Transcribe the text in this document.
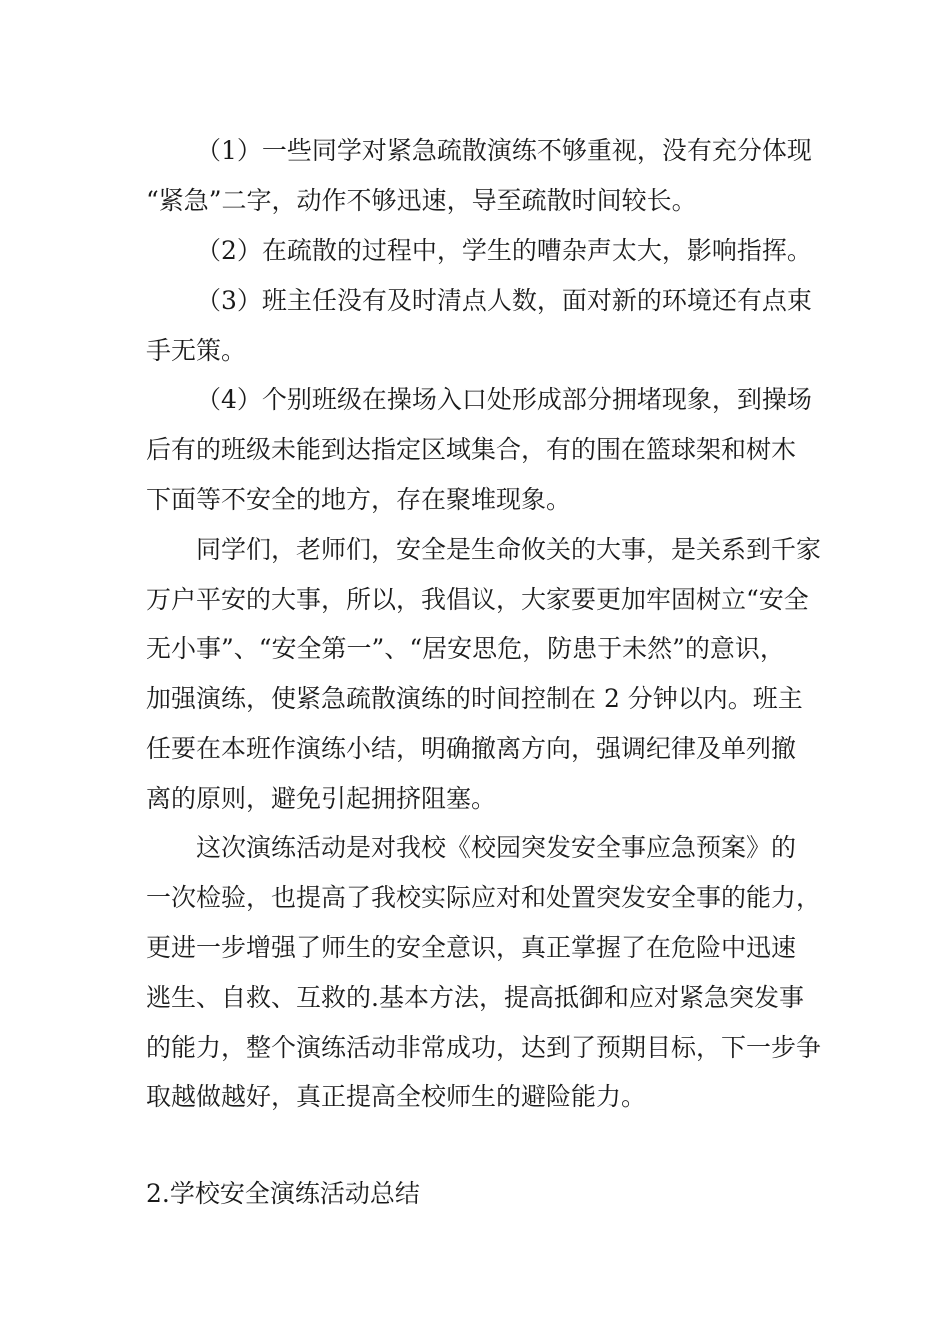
（1）一些同学对紧急疏散演练不够重视，没有充分体现
“紧急”二字，动作不够迅速，导至疏散时间较长。
（2）在疏散的过程中，学生的嘈杂声太大，影响指挥。
（3）班主任没有及时清点人数，面对新的环境还有点束
手无策。
（4）个别班级在操场入口处形成部分拥堵现象，到操场
后有的班级未能到达指定区域集合，有的围在篮球架和树木
下面等不安全的地方，存在聚堆现象。
同学们，老师们，安全是生命攸关的大事，是关系到千家
万户平安的大事，所以，我倡议，大家要更加牢固树立“安全
无小事”、“安全第一”、“居安思危，防患于未然”的意识，
加强演练，使紧急疏散演练的时间控制在 2 分钟以内。班主
任要在本班作演练小结，明确撤离方向，强调纪律及单列撤
离的原则，避免引起拥挤阻塞。
这次演练活动是对我校《校园突发安全事应急预案》的
一次检验，也提高了我校实际应对和处置突发安全事的能力，
更进一步增强了师生的安全意识，真正掌握了在危险中迅速
逃生、自救、互救的.基本方法，提高抵御和应对紧急突发事
的能力，整个演练活动非常成功，达到了预期目标，下一步争
取越做越好，真正提高全校师生的避险能力。
2.学校安全演练活动总结
